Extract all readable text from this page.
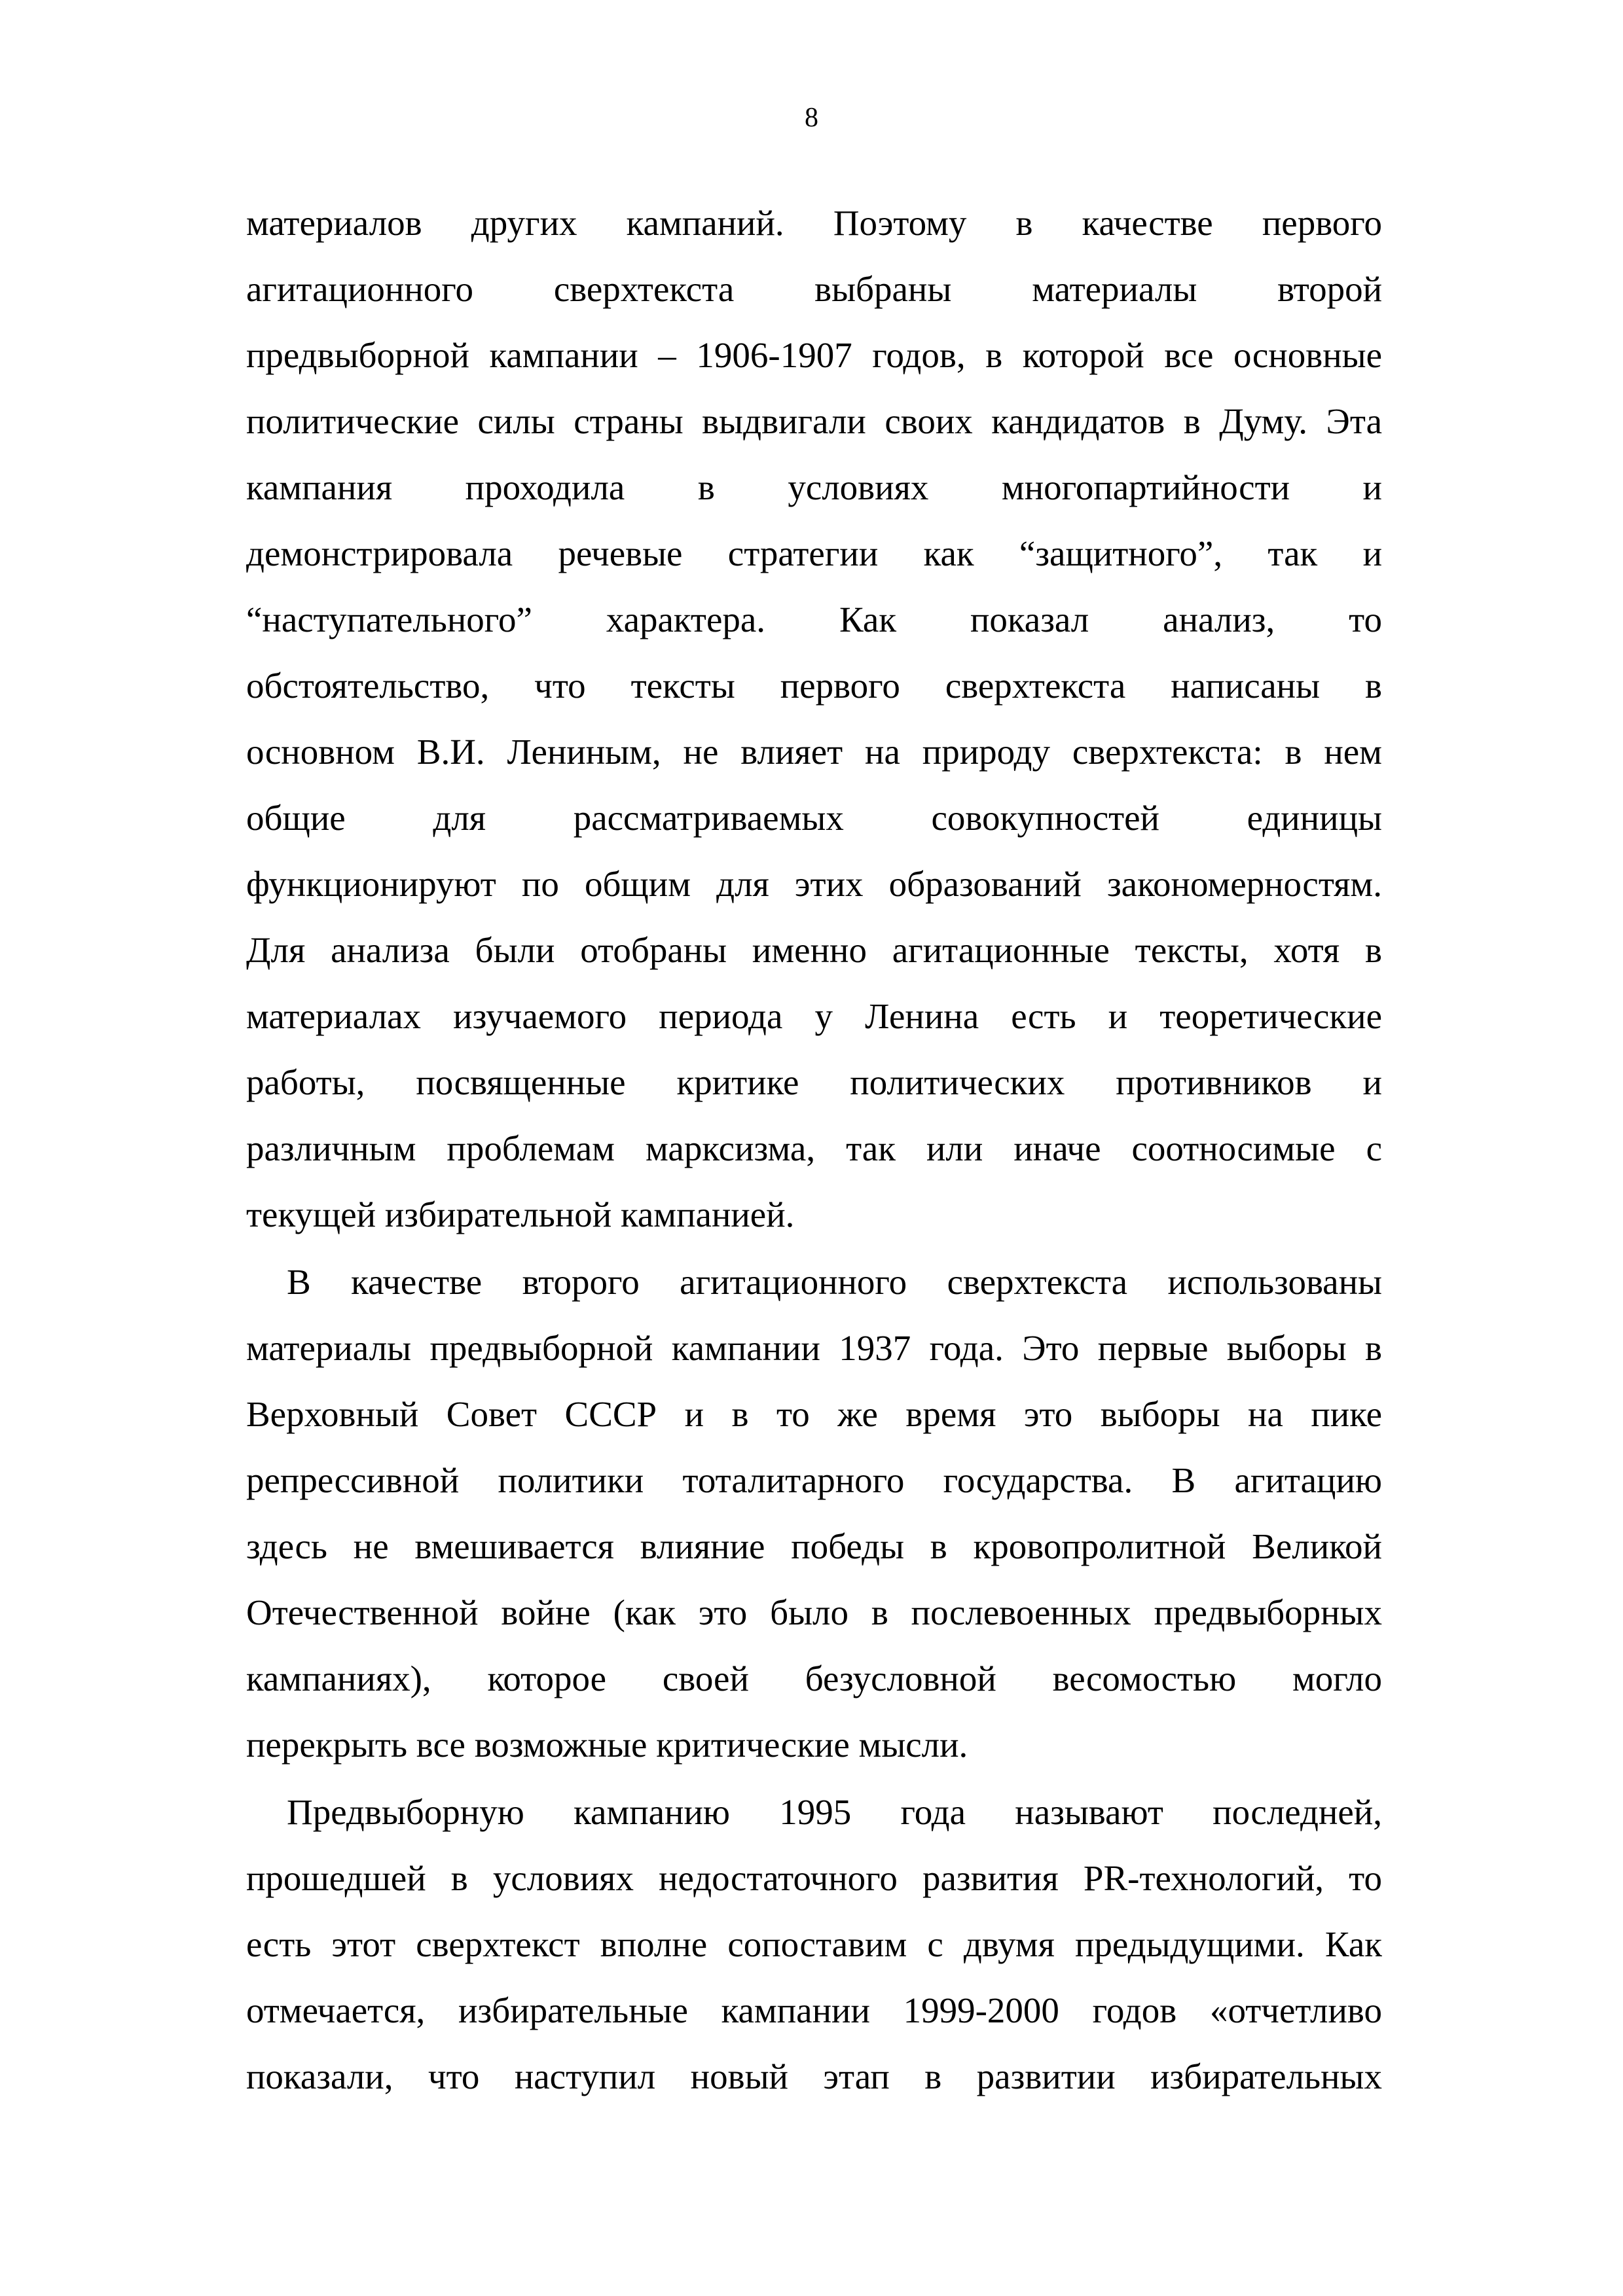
8
материалов других кампаний. Поэтому в качестве первого
агитационного сверхтекста выбраны материалы второй
предвыборной кампании – 1906-1907 годов, в которой все основные
политические силы страны выдвигали своих кандидатов в Думу. Эта
кампания проходила в условиях многопартийности и
демонстрировала речевые стратегии как “защитного”, так и
“наступательного” характера. Как показал анализ, то
обстоятельство, что тексты первого сверхтекста написаны в
основном В.И. Лениным, не влияет на природу сверхтекста: в нем
общие для рассматриваемых совокупностей единицы
функционируют по общим для этих образований закономерностям.
Для анализа были отобраны именно агитационные тексты, хотя в
материалах изучаемого периода у Ленина есть и теоретические
работы, посвященные критике политических противников и
различным проблемам марксизма, так или иначе соотносимые с
текущей избирательной кампанией.
В качестве второго агитационного сверхтекста использованы
материалы предвыборной кампании 1937 года. Это первые выборы в
Верховный Совет СССР и в то же время это выборы на пике
репрессивной политики тоталитарного государства. В агитацию
здесь не вмешивается влияние победы в кровопролитной Великой
Отечественной войне (как это было в послевоенных предвыборных
кампаниях), которое своей безусловной весомостью могло
перекрыть все возможные критические мысли.
Предвыборную кампанию 1995 года называют последней,
прошедшей в условиях недостаточного развития PR-технологий, то
есть этот сверхтекст вполне сопоставим с двумя предыдущими. Как
отмечается, избирательные кампании 1999-2000 годов «отчетливо
показали, что наступил новый этап в развитии избирательных
